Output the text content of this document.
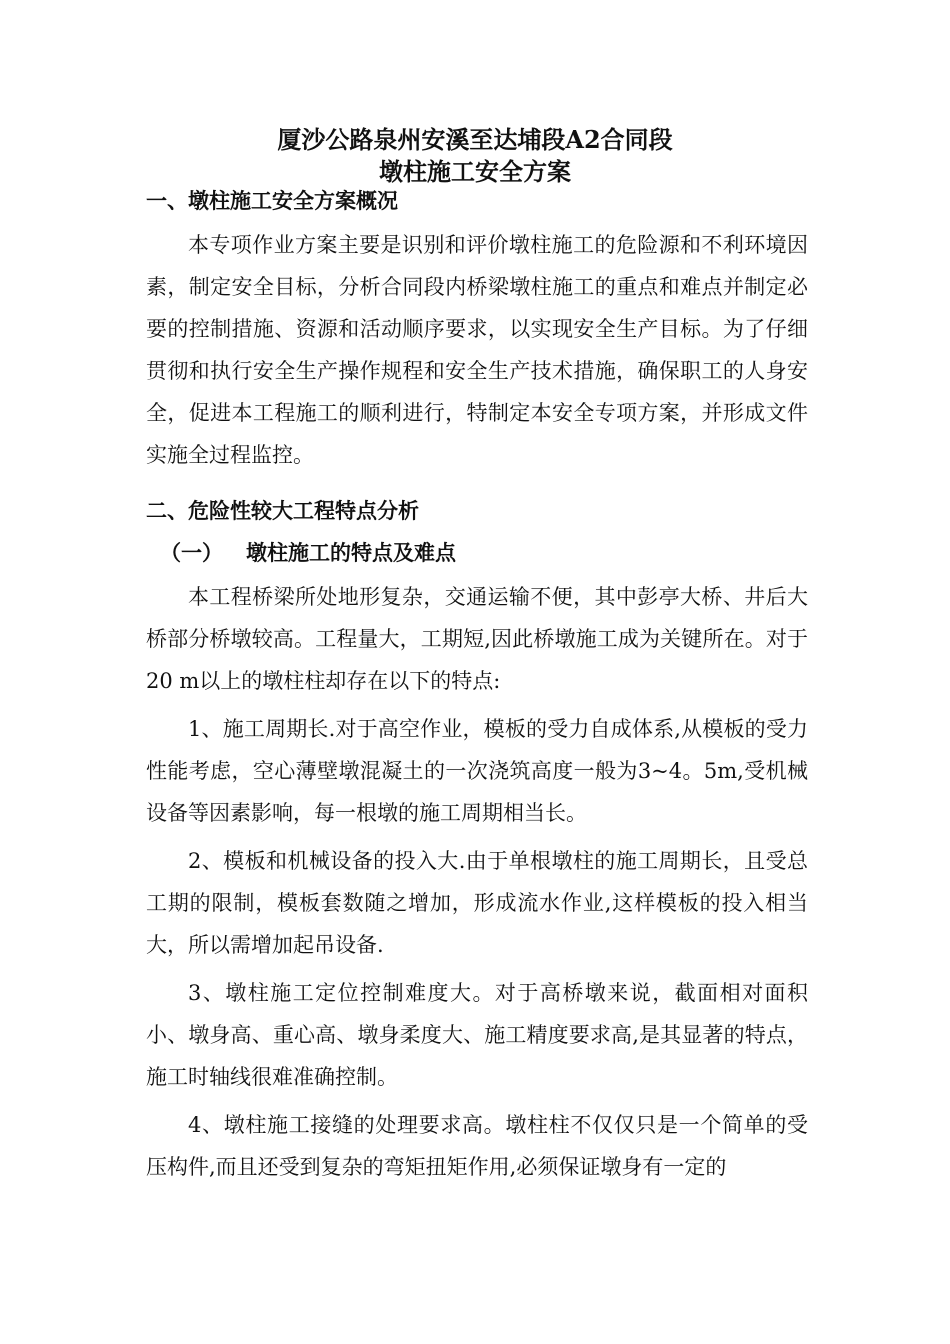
厦沙公路泉州安溪至达埔段A2合同段
墩柱施工安全方案
一、墩柱施工安全方案概况

本专项作业方案主要是识别和评价墩柱施工的危险源和不利环境因素，制定安全目标，分析合同段内桥梁墩柱施工的重点和难点并制定必要的控制措施、资源和活动顺序要求，以实现安全生产目标。为了仔细贯彻和执行安全生产操作规程和安全生产技术措施，确保职工的人身安全，促进本工程施工的顺利进行，特制定本安全专项方案，并形成文件实施全过程监控。

二、危险性较大工程特点分析
（一） 墩柱施工的特点及难点

本工程桥梁所处地形复杂，交通运输不便，其中彭亭大桥、井后大桥部分桥墩较高。工程量大，工期短,因此桥墩施工成为关键所在。对于20 m以上的墩柱柱却存在以下的特点:

1、施工周期长.对于高空作业，模板的受力自成体系,从模板的受力性能考虑，空心薄壁墩混凝土的一次浇筑高度一般为3~4。5m,受机械设备等因素影响，每一根墩的施工周期相当长。

2、模板和机械设备的投入大.由于单根墩柱的施工周期长，且受总工期的限制，模板套数随之增加，形成流水作业,这样模板的投入相当大，所以需增加起吊设备.

3、墩柱施工定位控制难度大。对于高桥墩来说，截面相对面积小、墩身高、重心高、墩身柔度大、施工精度要求高,是其显著的特点，施工时轴线很难准确控制。

4、墩柱施工接缝的处理要求高。墩柱柱不仅仅只是一个简单的受压构件,而且还受到复杂的弯矩扭矩作用,必须保证墩身有一定的
